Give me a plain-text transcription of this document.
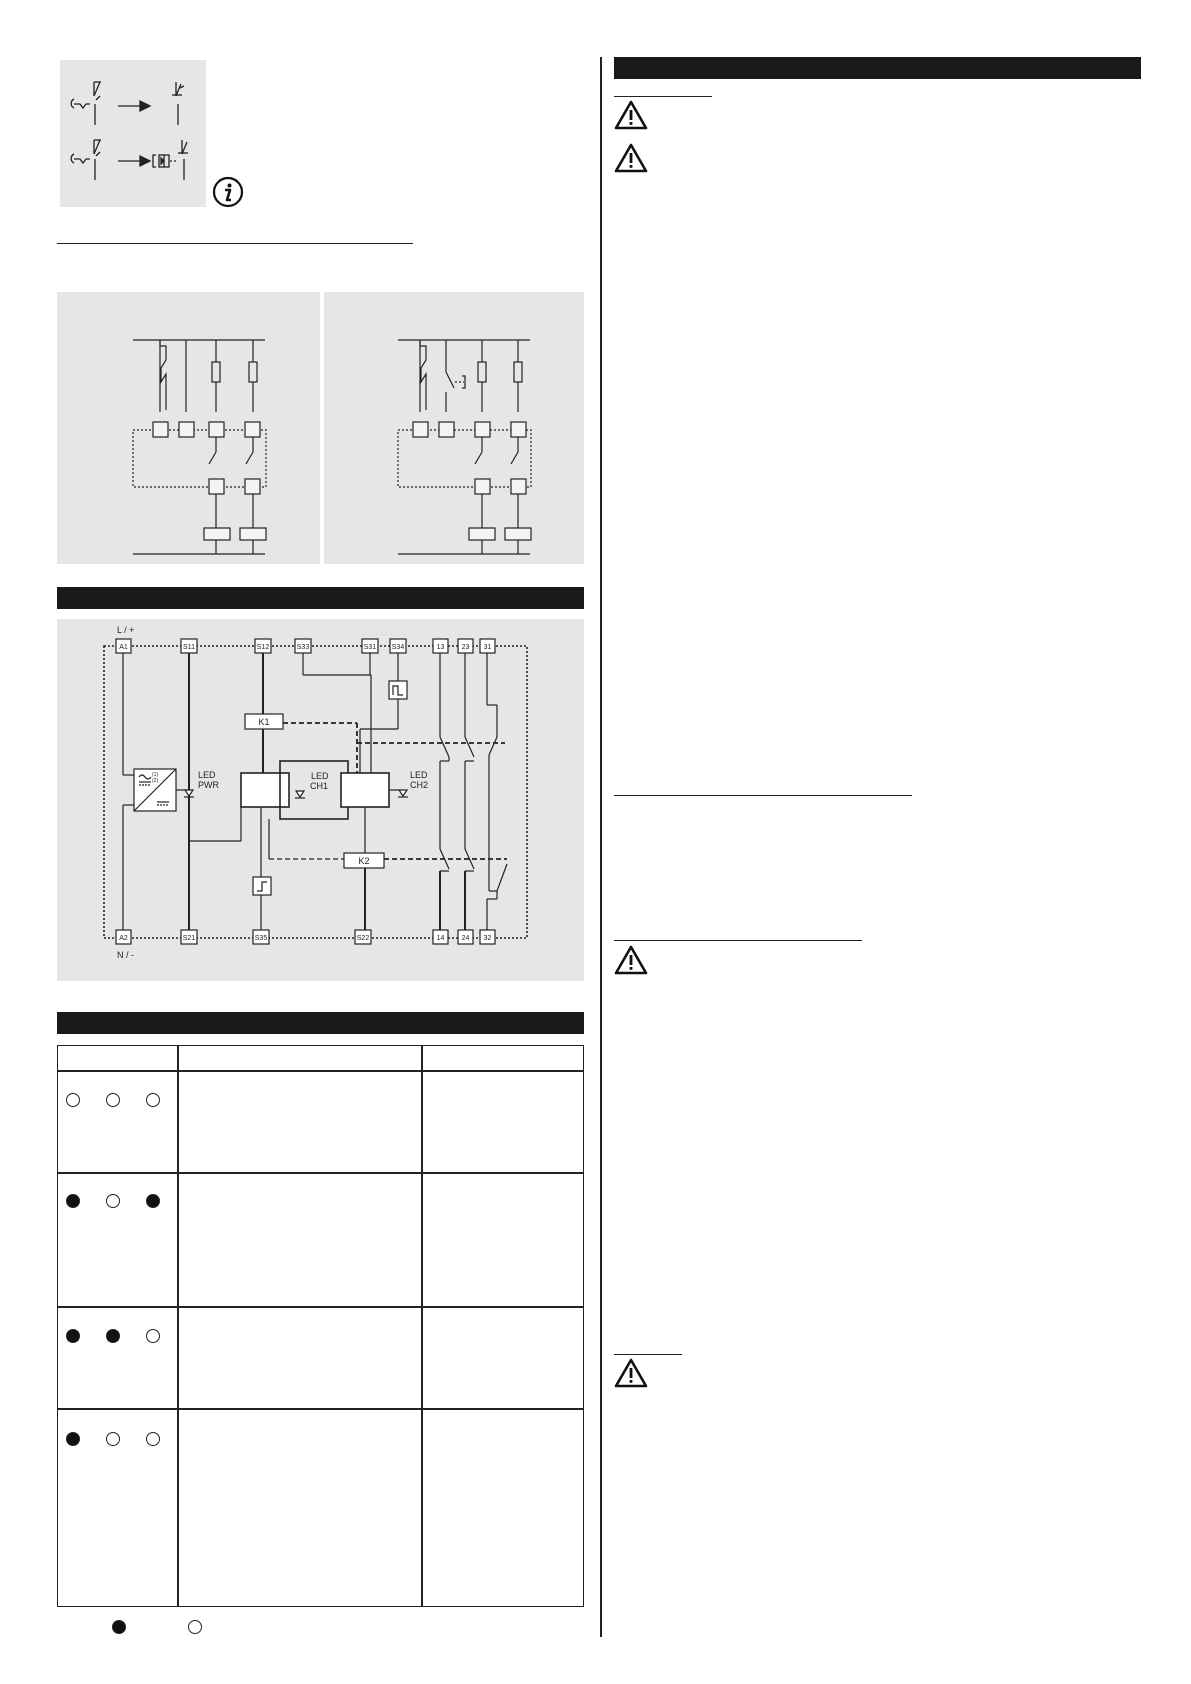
L / +
N / -
A1	S11	S12	S33	S31 S34	13 23 31
A2	S21	S35	S22	14 24 32
K1
K2
LED
PWR
LED
CH1
LED
CH2
(1)
(2)
